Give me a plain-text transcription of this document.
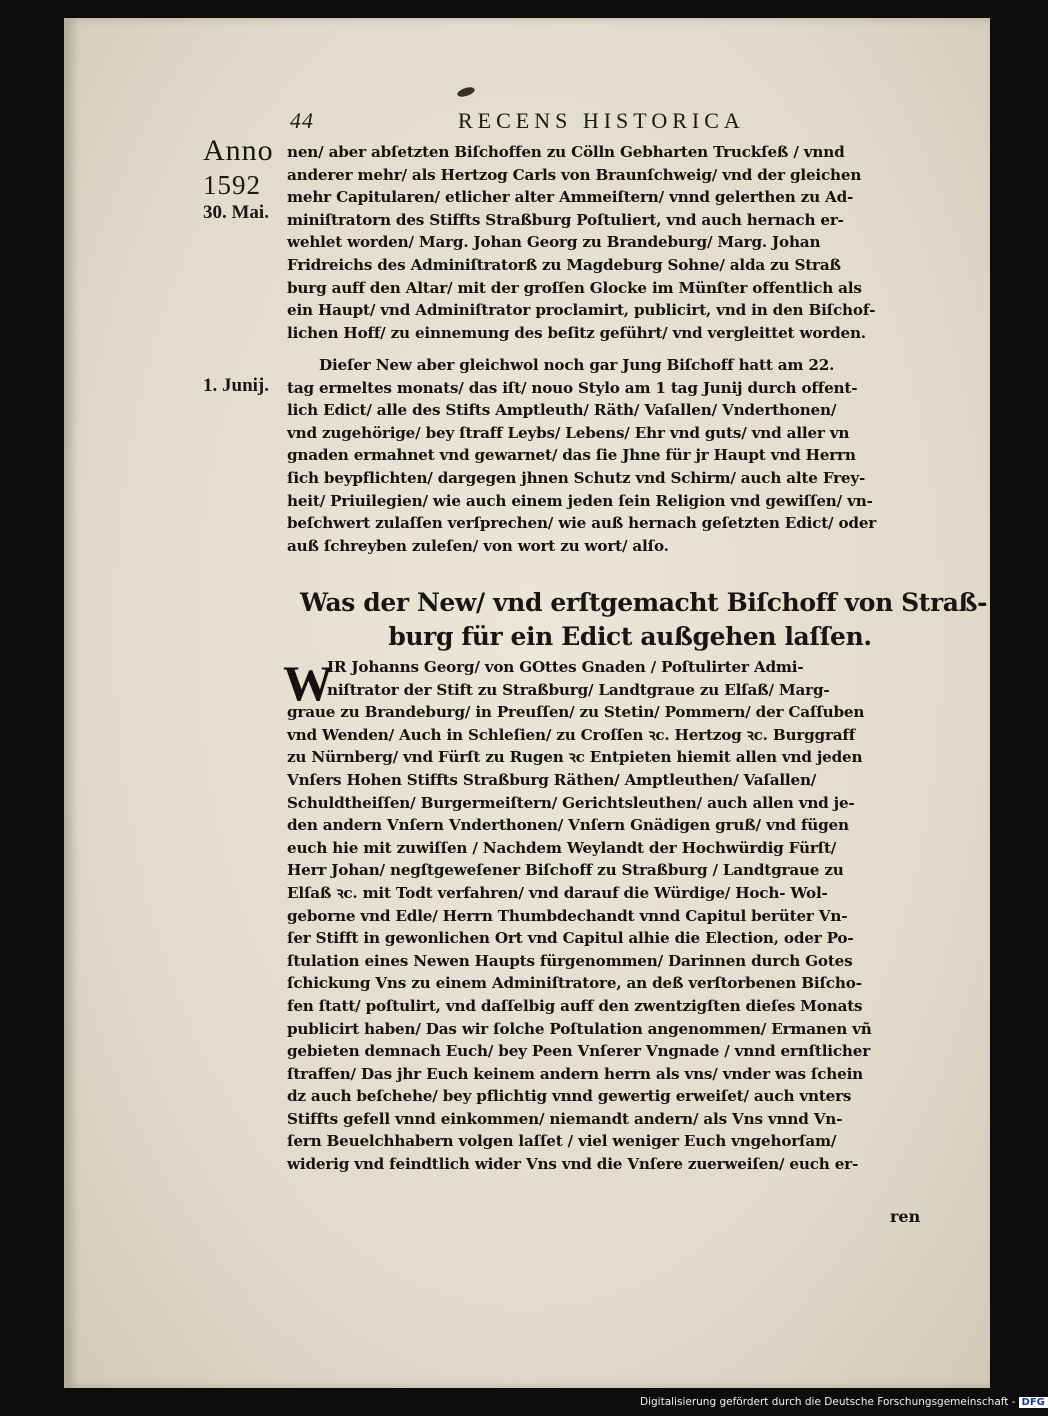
44	RECENS HISTORICA
Anno
1592
30. Mai.
1. Junij.
nen/ aber abſetzten Biſchoffen zu Cölln Gebharten Truckſeß / vnnd
anderer mehr/ als Hertzog Carls von Braunſchweig/ vnd der gleichen
mehr Capitularen/ etlicher alter Ammeiſtern/ vnnd gelerthen zu Ad‑
miniſtratorn des Stiffts Straßburg Poſtuliert, vnd auch hernach er‑
wehlet worden/ Marg. Johan Georg zu Brandeburg/ Marg. Johan
Fridreichs des Adminiſtratorß zu Magdeburg Sohne/ alda zu Straß
burg auff den Altar/ mit der groſſen Glocke im Münſter offentlich als
ein Haupt/ vnd Adminiſtrator proclamirt, publicirt, vnd in den Biſchof‑
lichen Hoff/ zu einnemung des beſitz geführt/ vnd vergleittet worden.
Dieſer New aber gleichwol noch gar Jung Biſchoff hatt am 22.
tag ermeltes monats/ das iſt/ nouo Stylo am 1 tag Junij durch offent‑
lich Edict/ alle des Stifts Amptleuth/ Räth/ Vaſallen/ Vnderthonen/
vnd zugehörige/ bey ſtraff Leybs/ Lebens/ Ehr vnd guts/ vnd aller vn
gnaden ermahnet vnd gewarnet/ das ſie Jhne für jr Haupt vnd Herrn
ſich beypflichten/ dargegen jhnen Schutz vnd Schirm/ auch alte Frey‑
heit/ Priuilegien/ wie auch einem jeden ſein Religion vnd gewiſſen/ vn‑
beſchwert zulaſſen verſprechen/ wie auß hernach geſetzten Edict/ oder
auß ſchreyben zuleſen/ von wort zu wort/ alſo.
Was der New/ vnd erſtgemacht Biſchoff von Straß‑
burg für ein Edict außgehen laſſen.
W
IR Johanns Georg/ von GOttes Gnaden / Poſtulirter Admi‑
niſtrator der Stift zu Straßburg/ Landtgraue zu Elſaß/ Marg‑
graue zu Brandeburg/ in Preuſſen/ zu Stetin/ Pommern/ der Caſſuben
vnd Wenden/ Auch in Schleſien/ zu Croſſen ꝛc. Hertzog ꝛc. Burggraff
zu Nürnberg/ vnd Fürſt zu Rugen ꝛc Entpieten hiemit allen vnd jeden
Vnſers Hohen Stiffts Straßburg Räthen/ Amptleuthen/ Vaſallen/
Schuldtheiſſen/ Burgermeiſtern/ Gerichtsleuthen/ auch allen vnd je‑
den andern Vnſern Vnderthonen/ Vnſern Gnädigen gruß/ vnd fügen
euch hie mit zuwiſſen / Nachdem Weylandt der Hochwürdig Fürſt/
Herr Johan/ negſtgeweſener Biſchoff zu Straßburg / Landtgraue zu
Elſaß ꝛc. mit Todt verfahren/ vnd darauf die Würdige/ Hoch‑ Wol‑
geborne vnd Edle/ Herrn Thumbdechandt vnnd Capitul berüter Vn‑
ſer Stifft in gewonlichen Ort vnd Capitul alhie die Election, oder Po‑
ſtulation eines Newen Haupts fürgenommen/ Darinnen durch Gotes
ſchickung Vns zu einem Adminiſtratore, an deß verſtorbenen Biſcho‑
fen ſtatt/ poſtulirt, vnd daſſelbig auff den zwentzigſten dieſes Monats
publicirt haben/ Das wir ſolche Poſtulation angenommen/ Ermanen vñ
gebieten demnach Euch/ bey Peen Vnſerer Vngnade / vnnd ernſtlicher
ſtraffen/ Das jhr Euch keinem andern herrn als vns/ vnder was ſchein
dz auch beſchehe/ bey pflichtig vnnd gewertig erweiſet/ auch vnters
Stiffts gefell vnnd einkommen/ niemandt andern/ als Vns vnnd Vn‑
ſern Beuelchhabern volgen laſſet / viel weniger Euch vngehorſam/
widerig vnd feindtlich wider Vns vnd die Vnſere zuerweiſen/ euch er‑
ren
Digitalisierung gefördert durch die Deutsche Forschungsgemeinschaft - DFG
